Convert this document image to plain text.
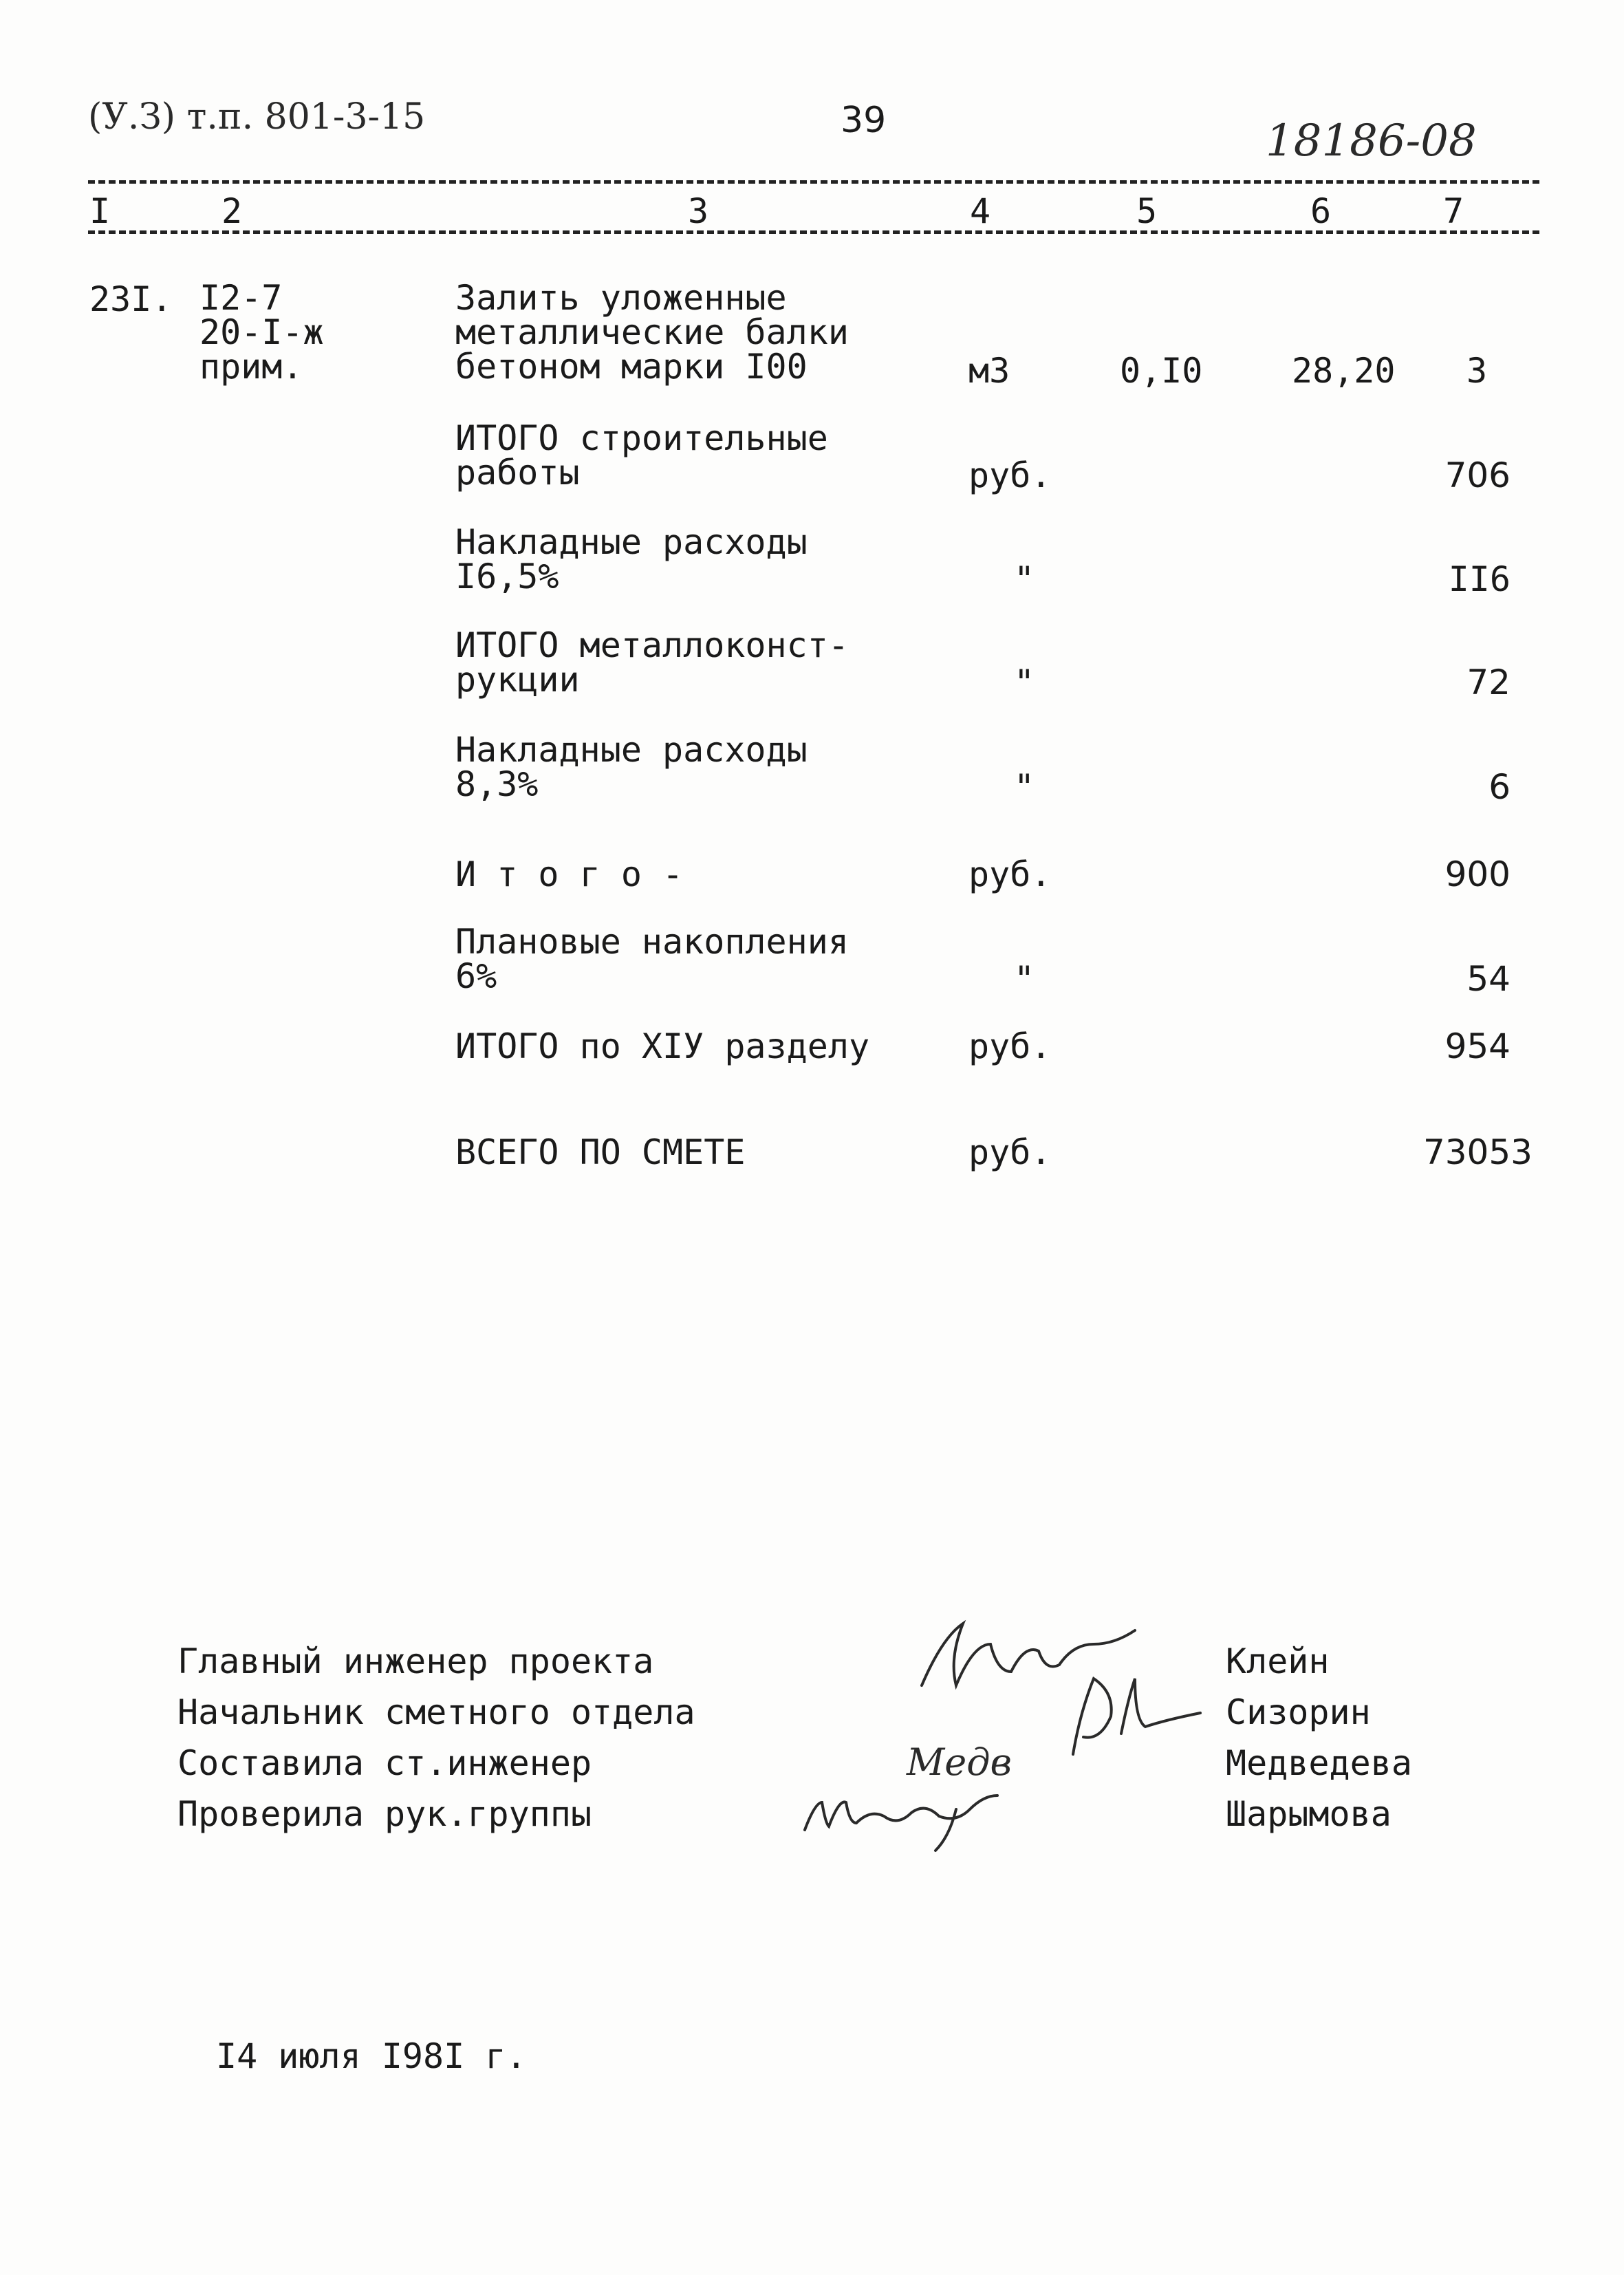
(У.З) т.п. 801-3-15	39	18186-08
I	2	3	4	5	6	7
23I. I2-7
20-I-ж
прим.
Залить уложенные
металлические балки
бетоном марки I00	м3	0,I0	28,20 3
ИТОГО строительные
работы	руб.	706
Накладные расходы
I6,5%	"	II6
ИТОГО металлоконст-
рукции	"	72
Накладные расходы
8,3%	"	6
И т о г о -	руб.	900
Плановые накопления
6%	"	54
ИТОГО по XIУ разделу	руб.	954
ВСЕГО ПО СМЕТЕ	руб.	73053
Главный инженер проекта
Начальник сметного отдела
Составила ст.инженер
Проверила рук.группы
Клейн
Сизорин
Медведева
Шарымова
Медв
I4 июля I98I г.
